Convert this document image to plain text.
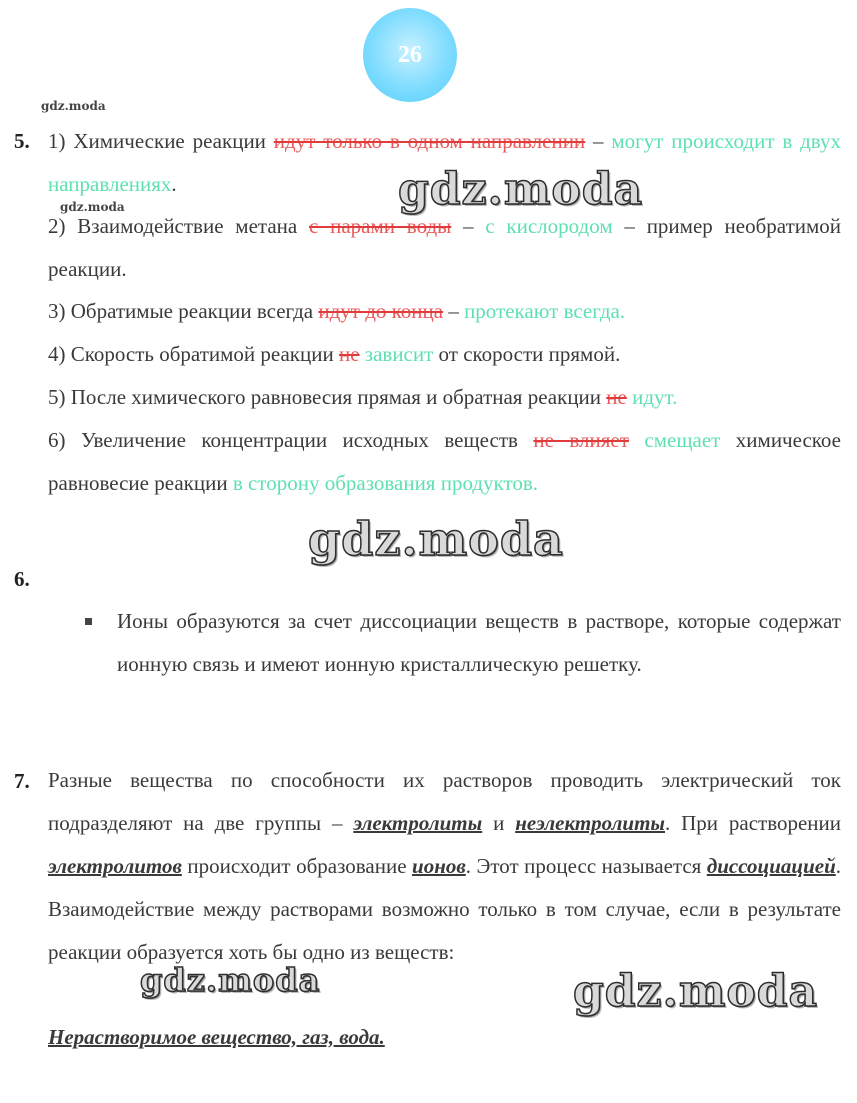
26
gdz.moda
5. 1) Химические реакции идут только в одном направлении – могут происходит в двух направлениях.
gdz.moda
2) Взаимодействие метана с парами воды – с кислородом – пример необратимой реакции.
3) Обратимые реакции всегда идут до конца – протекают всегда.
4) Скорость обратимой реакции не зависит от скорости прямой.
5) После химического равновесия прямая и обратная реакции не идут.
6) Увеличение концентрации исходных веществ не влияет смещает химическое равновесие реакции в сторону образования продуктов.
gdz.moda
gdz.moda
6.
Ионы образуются за счет диссоциации веществ в растворе, которые содержат ионную связь и имеют ионную кристаллическую решетку.
7. Разные вещества по способности их растворов проводить электрический ток подразделяют на две группы – электролиты и неэлектролиты. При растворении электролитов происходит образование ионов. Этот процесс называется диссоциацией. Взаимодействие между растворами возможно только в том случае, если в результате реакции образуется хоть бы одно из веществ:
Нерастворимое вещество, газ, вода.
gdz.moda	gdz.moda
